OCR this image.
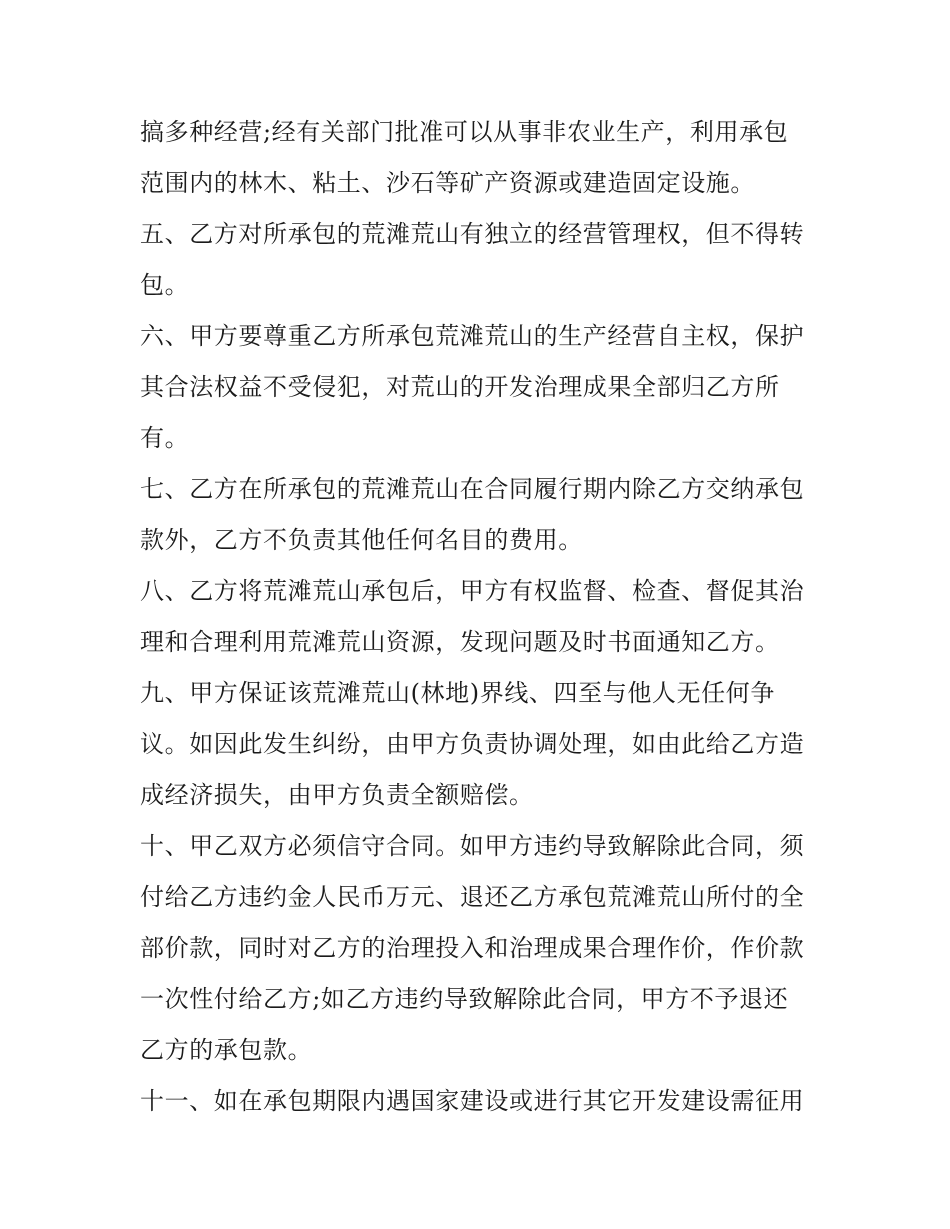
搞多种经营;经有关部门批准可以从事非农业生产，利用承包
范围内的林木、粘土、沙石等矿产资源或建造固定设施。
五、乙方对所承包的荒滩荒山有独立的经营管理权，但不得转
包。
六、甲方要尊重乙方所承包荒滩荒山的生产经营自主权，保护
其合法权益不受侵犯，对荒山的开发治理成果全部归乙方所
有。
七、乙方在所承包的荒滩荒山在合同履行期内除乙方交纳承包
款外，乙方不负责其他任何名目的费用。
八、乙方将荒滩荒山承包后，甲方有权监督、检查、督促其治
理和合理利用荒滩荒山资源，发现问题及时书面通知乙方。
九、甲方保证该荒滩荒山(林地)界线、四至与他人无任何争
议。如因此发生纠纷，由甲方负责协调处理，如由此给乙方造
成经济损失，由甲方负责全额赔偿。
十、甲乙双方必须信守合同。如甲方违约导致解除此合同，须
付给乙方违约金人民币万元、退还乙方承包荒滩荒山所付的全
部价款，同时对乙方的治理投入和治理成果合理作价，作价款
一次性付给乙方;如乙方违约导致解除此合同，甲方不予退还
乙方的承包款。
十一、如在承包期限内遇国家建设或进行其它开发建设需征用
